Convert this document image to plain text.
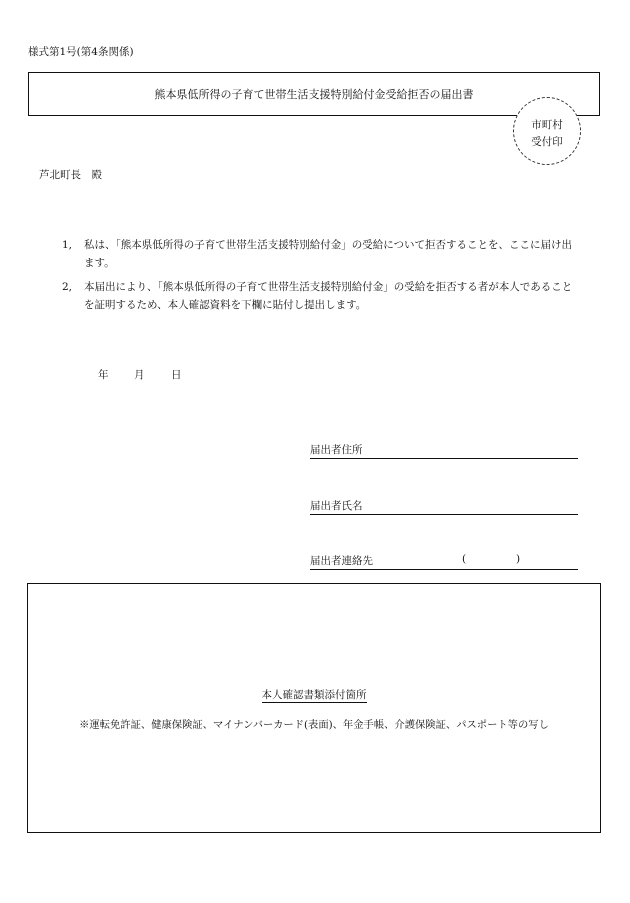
様式第1号(第4条関係)
熊本県低所得の子育て世帯生活支援特別給付金受給拒否の届出書
市町村
受付印
芦北町長　殿
1, 私は、「熊本県低所得の子育て世帯生活支援特別給付金」の受給について拒否することを、ここに届け出ます。
2, 本届出により、「熊本県低所得の子育て世帯生活支援特別給付金」の受給を拒否する者が本人であることを証明するため、本人確認資料を下欄に貼付し提出します。
年 月	日
届出者住所
届出者氏名
届出者連絡先	(	)
本人確認書類添付箇所
※運転免許証、健康保険証、マイナンバーカード(表面)、年金手帳、介護保険証、パスポート等の写し
